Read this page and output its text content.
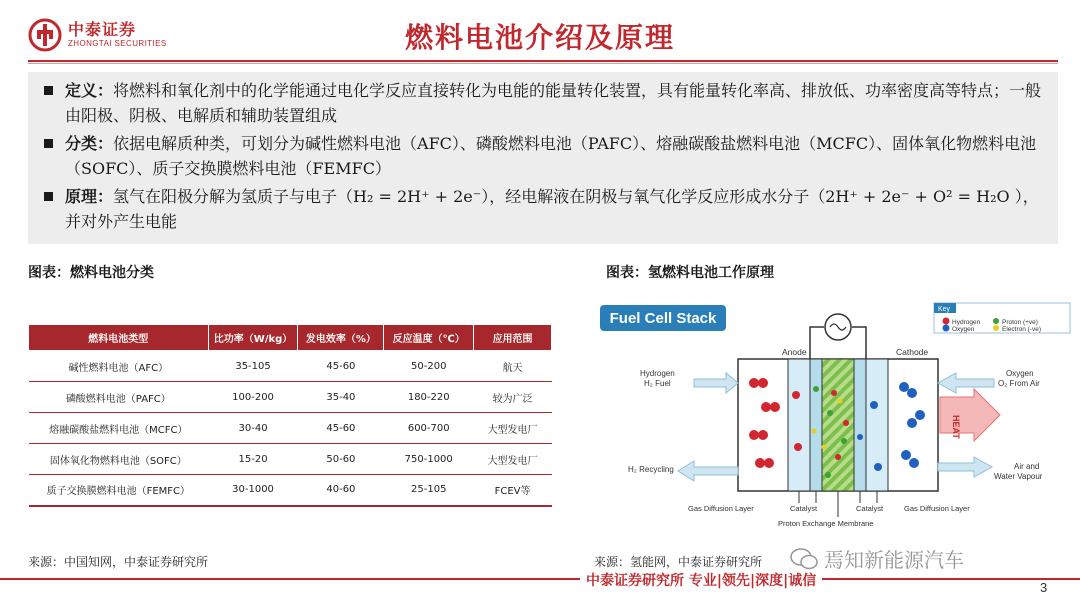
中泰证券
ZHONGTAI SECURITIES	燃料电池介绍及原理
定义：将燃料和氧化剂中的化学能通过电化学反应直接转化为电能的能量转化装置，具有能量转化率高、排放低、功率密度高等特点；一般由阳极、阴极、电解质和辅助装置组成
分类：依据电解质种类，可划分为碱性燃料电池（AFC）、磷酸燃料电池（PAFC）、熔融碳酸盐燃料电池（MCFC）、固体氧化物燃料电池（SOFC）、质子交换膜燃料电池（FEMFC）
原理：氢气在阳极分解为氢质子与电子（H₂ = 2H⁺ + 2e⁻），经电解液在阴极与氧气化学反应形成水分子（2H⁺ + 2e⁻ + O² = H₂O ），并对外产生电能
图表：燃料电池分类	图表：氢燃料电池工作原理
燃料电池类型	比功率（W/kg）	发电效率（%）	反应温度（℃）	应用范围
碱性燃料电池（AFC）	35-105	45-60	50-200	航天
磷酸燃料电池（PAFC）	100-200	35-40	180-220	较为广泛
熔融碳酸盐燃料电池（MCFC）	30-40	45-60	600-700	大型发电厂
固体氧化物燃料电池（SOFC）	15-20	50-60	750-1000	大型发电厂
质子交换膜燃料电池（FEMFC）	30-1000	40-60	25-105	FCEV等
Fuel Cell Stack
Key
Hydrogen
Oxygen
Proton (+ve)
Electron (-ve)
Anode	Cathode
Hydrogen
H₂ Fuel
Oxygen
O₂ From Air
HEAT
H₂ Recycling	Air and
Water Vapour
Gas Diffusion Layer	Catalyst	Catalyst	Gas Diffusion Layer
Proton Exchange Membrane
来源：中国知网，中泰证券研究所	来源：氢能网，中泰证券研究所	焉知新能源汽车
中泰证券研究所 专业|领先|深度|诚信	3
